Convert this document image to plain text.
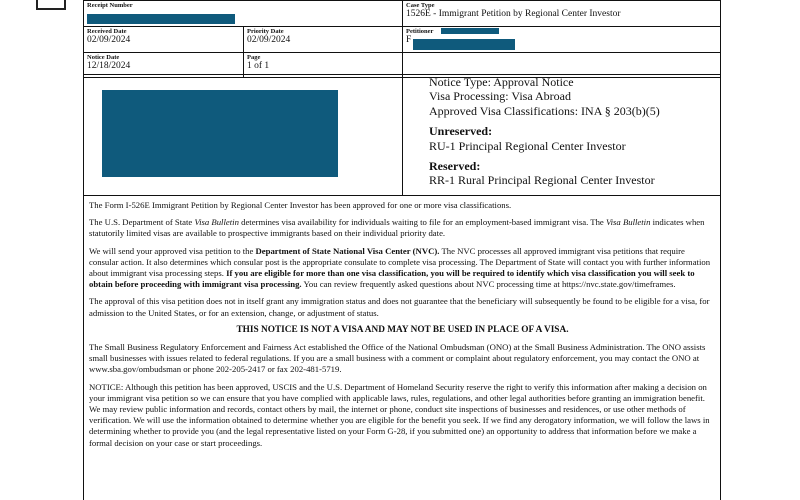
Receipt Number	Case Type
1526E - Immigrant Petition by Regional Center Investor
Received Date
02/09/2024
Priority Date
02/09/2024
Petitioner
F
Notice Date
12/18/2024
Page
1 of 1
Notice Type: Approval Notice
Visa Processing: Visa Abroad
Approved Visa Classifications: INA § 203(b)(5)
Unreserved:
RU-1 Principal Regional Center Investor
Reserved:
RR-1 Rural Principal Regional Center Investor

The Form I-526E Immigrant Petition by Regional Center Investor has been approved for one or more visa classifications.

The U.S. Department of State Visa Bulletin determines visa availability for individuals waiting to file for an employment-based immigrant visa. The Visa Bulletin indicates when statutorily limited visas are available to prospective immigrants based on their individual priority date.

We will send your approved visa petition to the Department of State National Visa Center (NVC). The NVC processes all approved immigrant visa petitions that require consular action. It also determines which consular post is the appropriate consulate to complete visa processing. The Department of State will contact you with further information about immigrant visa processing steps. If you are eligible for more than one visa classification, you will be required to identify which visa classification you will seek to obtain before proceeding with immigrant visa processing. You can review frequently asked questions about NVC processing time at https://nvc.state.gov/timeframes.

The approval of this visa petition does not in itself grant any immigration status and does not guarantee that the beneficiary will subsequently be found to be eligible for a visa, for admission to the United States, or for an extension, change, or adjustment of status.

THIS NOTICE IS NOT A VISA AND MAY NOT BE USED IN PLACE OF A VISA.

The Small Business Regulatory Enforcement and Fairness Act established the Office of the National Ombudsman (ONO) at the Small Business Administration. The ONO assists small businesses with issues related to federal regulations. If you are a small business with a comment or complaint about regulatory enforcement, you may contact the ONO at www.sba.gov/ombudsman or phone 202-205-2417 or fax 202-481-5719.

NOTICE: Although this petition has been approved, USCIS and the U.S. Department of Homeland Security reserve the right to verify this information after making a decision on your immigrant visa petition so we can ensure that you have complied with applicable laws, rules, regulations, and other legal authorities before granting an immigration benefit. We may review public information and records, contact others by mail, the internet or phone, conduct site inspections of businesses and residences, or use other methods of verification. We will use the information obtained to determine whether you are eligible for the benefit you seek. If we find any derogatory information, we will follow the laws in determining whether to provide you (and the legal representative listed on your Form G-28, if you submitted one) an opportunity to address that information before we make a formal decision on your case or start proceedings.
